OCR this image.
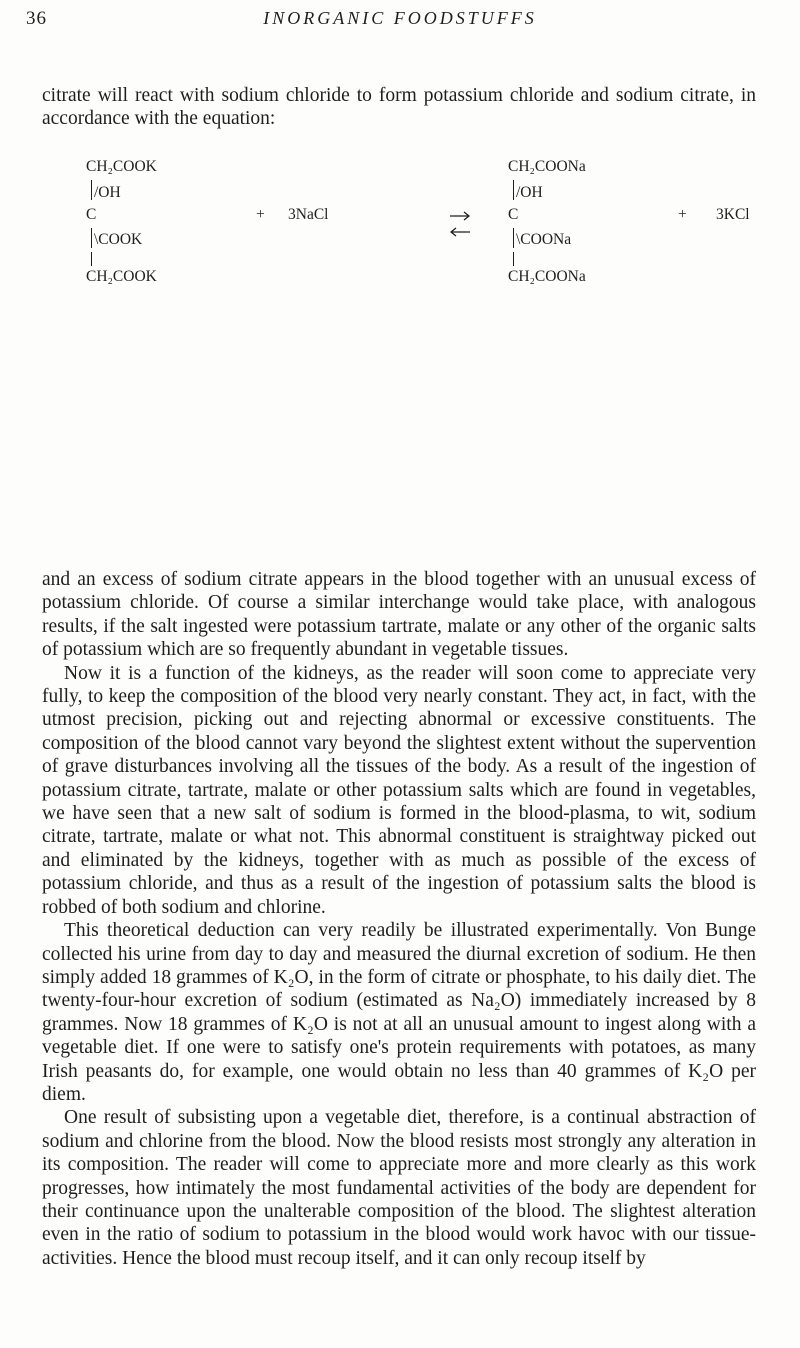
36	INORGANIC FOODSTUFFS

citrate will react with sodium chloride to form potassium chloride and sodium citrate, in accordance with the equation:

CH₂COOK
/OH
C
\COOK
CH₂COOK
+ 3NaCl
CH₂COONa
/OH
C
\COONa
CH₂COONa
+ 3KCl

and an excess of sodium citrate appears in the blood together with an unusual excess of potassium chloride. Of course a similar interchange would take place, with analogous results, if the salt ingested were potassium tartrate, malate or any other of the organic salts of potassium which are so frequently abundant in vegetable tissues.

Now it is a function of the kidneys, as the reader will soon come to appreciate very fully, to keep the composition of the blood very nearly constant. They act, in fact, with the utmost precision, picking out and rejecting abnormal or excessive constituents. The composition of the blood cannot vary beyond the slightest extent without the supervention of grave disturbances involving all the tissues of the body. As a result of the ingestion of potassium citrate, tartrate, malate or other potassium salts which are found in vegetables, we have seen that a new salt of sodium is formed in the blood-plasma, to wit, sodium citrate, tartrate, malate or what not. This abnormal constituent is straightway picked out and eliminated by the kidneys, together with as much as possible of the excess of potassium chloride, and thus as a result of the ingestion of potassium salts the blood is robbed of both sodium and chlorine.

This theoretical deduction can very readily be illustrated experimentally. Von Bunge collected his urine from day to day and measured the diurnal excretion of sodium. He then simply added 18 grammes of K₂O, in the form of citrate or phosphate, to his daily diet. The twenty-four-hour excretion of sodium (estimated as Na₂O) immediately increased by 8 grammes. Now 18 grammes of K₂O is not at all an unusual amount to ingest along with a vegetable diet. If one were to satisfy one's protein requirements with potatoes, as many Irish peasants do, for example, one would obtain no less than 40 grammes of K₂O per diem.

One result of subsisting upon a vegetable diet, therefore, is a continual abstraction of sodium and chlorine from the blood. Now the blood resists most strongly any alteration in its composition. The reader will come to appreciate more and more clearly as this work progresses, how intimately the most fundamental activities of the body are dependent for their continuance upon the unalterable composition of the blood. The slightest alteration even in the ratio of sodium to potassium in the blood would work havoc with our tissue-activities. Hence the blood must recoup itself, and it can only recoup itself by
